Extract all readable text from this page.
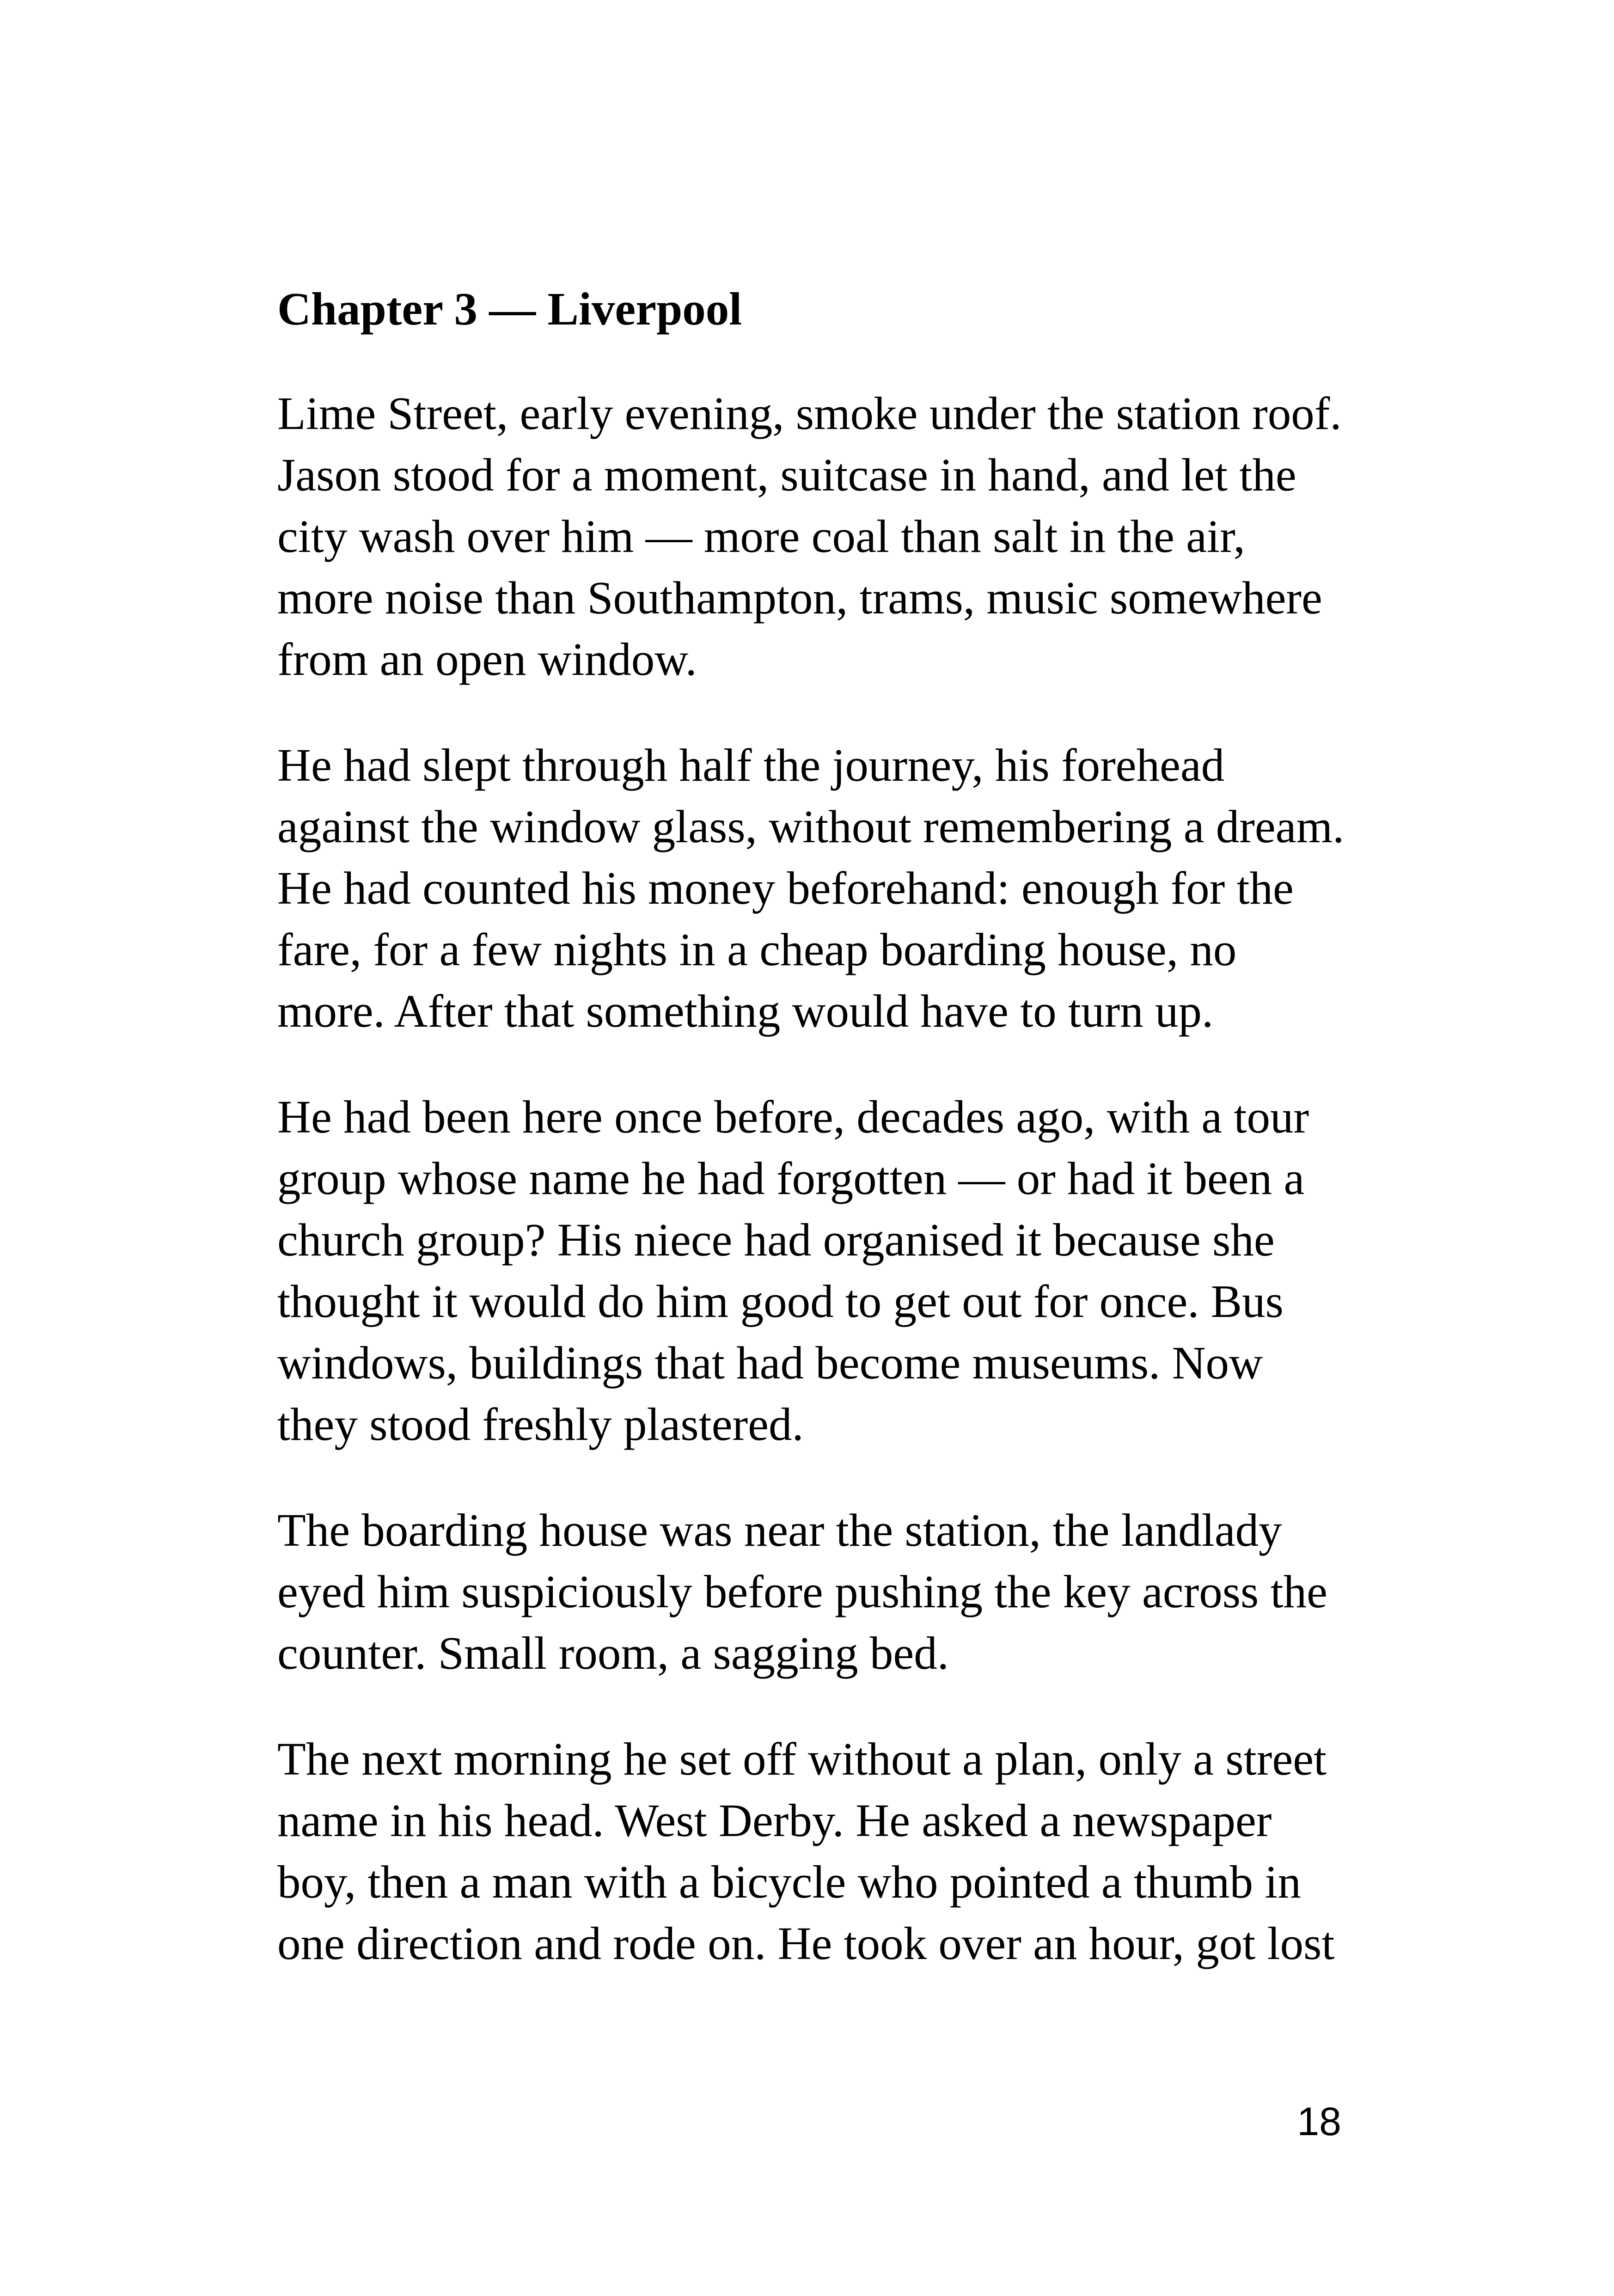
Chapter 3 — Liverpool
Lime Street, early evening, smoke under the station roof.
Jason stood for a moment, suitcase in hand, and let the
city wash over him — more coal than salt in the air,
more noise than Southampton, trams, music somewhere
from an open window.
He had slept through half the journey, his forehead
against the window glass, without remembering a dream.
He had counted his money beforehand: enough for the
fare, for a few nights in a cheap boarding house, no
more. After that something would have to turn up.
He had been here once before, decades ago, with a tour
group whose name he had forgotten — or had it been a
church group? His niece had organised it because she
thought it would do him good to get out for once. Bus
windows, buildings that had become museums. Now
they stood freshly plastered.
The boarding house was near the station, the landlady
eyed him suspiciously before pushing the key across the
counter. Small room, a sagging bed.
The next morning he set off without a plan, only a street
name in his head. West Derby. He asked a newspaper
boy, then a man with a bicycle who pointed a thumb in
one direction and rode on. He took over an hour, got lost
18
